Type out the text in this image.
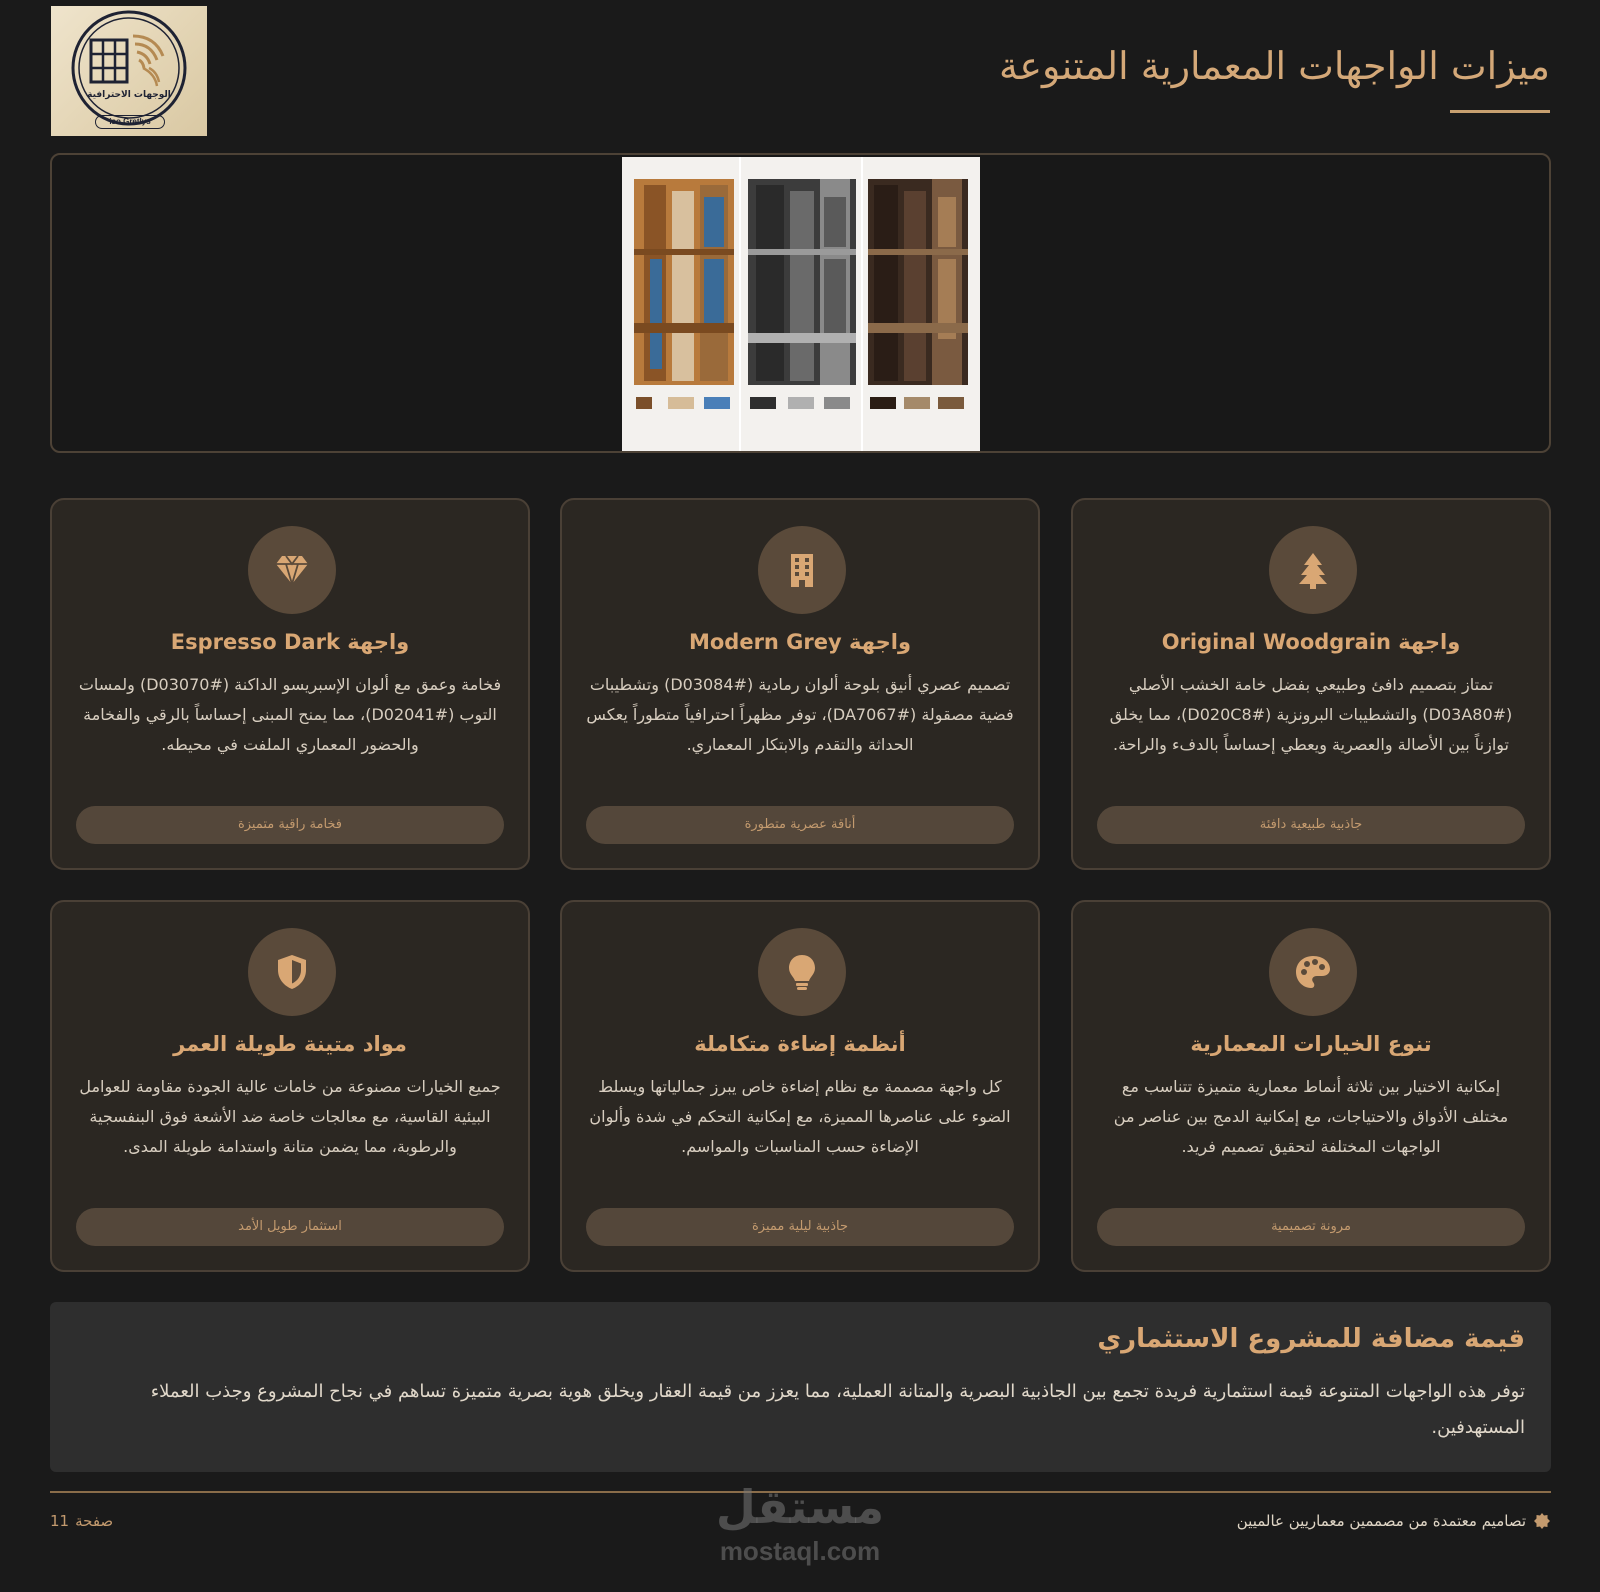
الوجهات الاحترافية
iso Gretlys
ميزات الواجهات المعمارية المتنوعة
واجهة Original Woodgrain
تمتاز بتصميم دافئ وطبيعي بفضل خامة الخشب الأصلي (#D03A80) والتشطيبات البرونزية (#D020C8)، مما يخلق توازناً بين الأصالة والعصرية ويعطي إحساساً بالدفء والراحة.
جاذبية طبيعية دافئة
واجهة Modern Grey
تصميم عصري أنيق بلوحة ألوان رمادية (#D03084) وتشطيبات فضية مصقولة (#DA7067)، توفر مظهراً احترافياً متطوراً يعكس الحداثة والتقدم والابتكار المعماري.
أناقة عصرية متطورة
واجهة Espresso Dark
فخامة وعمق مع ألوان الإسبريسو الداكنة (#D03070) ولمسات التوب (#D02041)، مما يمنح المبنى إحساساً بالرقي والفخامة والحضور المعماري الملفت في محيطه.
فخامة راقية متميزة
تنوع الخيارات المعمارية
إمكانية الاختيار بين ثلاثة أنماط معمارية متميزة تتناسب مع مختلف الأذواق والاحتياجات، مع إمكانية الدمج بين عناصر من الواجهات المختلفة لتحقيق تصميم فريد.
مرونة تصميمية
أنظمة إضاءة متكاملة
كل واجهة مصممة مع نظام إضاءة خاص يبرز جمالياتها ويسلط الضوء على عناصرها المميزة، مع إمكانية التحكم في شدة وألوان الإضاءة حسب المناسبات والمواسم.
جاذبية ليلية مميزة
مواد متينة طويلة العمر
جميع الخيارات مصنوعة من خامات عالية الجودة مقاومة للعوامل البيئية القاسية، مع معالجات خاصة ضد الأشعة فوق البنفسجية والرطوبة، مما يضمن متانة واستدامة طويلة المدى.
استثمار طويل الأمد
قيمة مضافة للمشروع الاستثماري
توفر هذه الواجهات المتنوعة قيمة استثمارية فريدة تجمع بين الجاذبية البصرية والمتانة العملية، مما يعزز من قيمة العقار ويخلق هوية بصرية متميزة تساهم في نجاح المشروع وجذب العملاء المستهدفين.
تصاميم معتمدة من مصممين معماريين عالميين
صفحة
11	مستقل
mostaql.com
